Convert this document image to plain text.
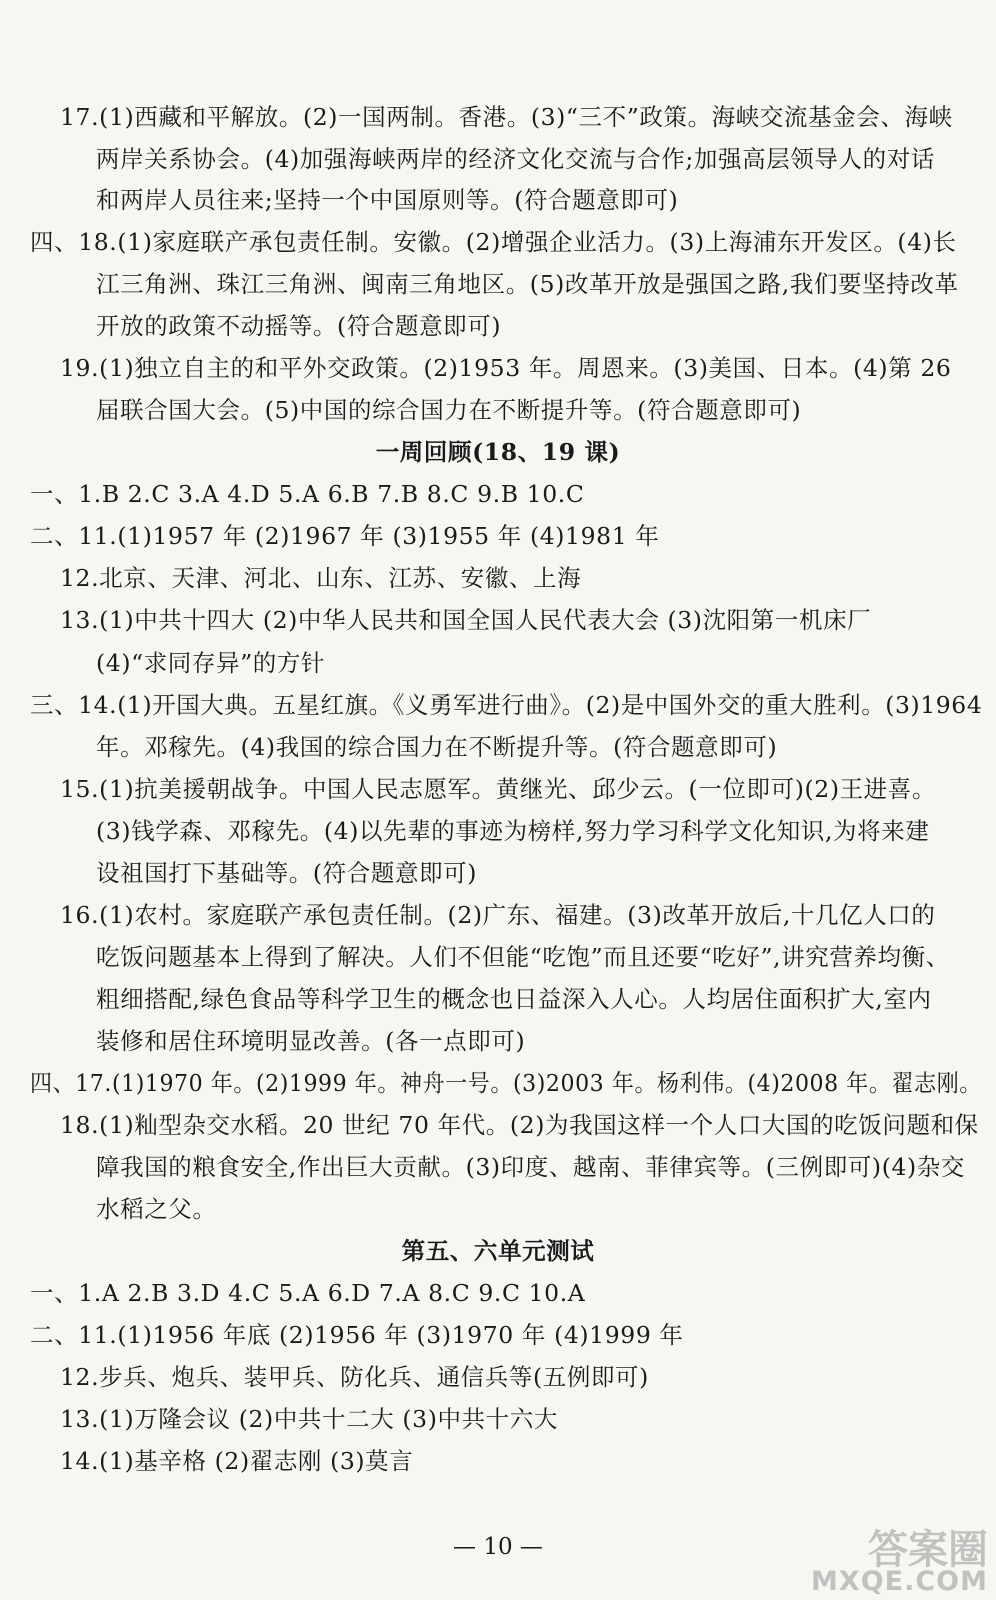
17.(1)西藏和平解放。(2)一国两制。香港。(3)“三不”政策。海峡交流基金会、海峡
两岸关系协会。(4)加强海峡两岸的经济文化交流与合作;加强高层领导人的对话
和两岸人员往来;坚持一个中国原则等。(符合题意即可)
四、18.(1)家庭联产承包责任制。安徽。(2)增强企业活力。(3)上海浦东开发区。(4)长
江三角洲、珠江三角洲、闽南三角地区。(5)改革开放是强国之路,我们要坚持改革
开放的政策不动摇等。(符合题意即可)
19.(1)独立自主的和平外交政策。(2)1953 年。周恩来。(3)美国、日本。(4)第 26
届联合国大会。(5)中国的综合国力在不断提升等。(符合题意即可)
一周回顾(18、19 课)
一、1.B 2.C 3.A 4.D 5.A 6.B 7.B 8.C 9.B 10.C
二、11.(1)1957 年 (2)1967 年 (3)1955 年 (4)1981 年
12.北京、天津、河北、山东、江苏、安徽、上海
13.(1)中共十四大 (2)中华人民共和国全国人民代表大会 (3)沈阳第一机床厂
(4)“求同存异”的方针
三、14.(1)开国大典。五星红旗。《义勇军进行曲》。(2)是中国外交的重大胜利。(3)1964
年。邓稼先。(4)我国的综合国力在不断提升等。(符合题意即可)
15.(1)抗美援朝战争。中国人民志愿军。黄继光、邱少云。(一位即可)(2)王进喜。
(3)钱学森、邓稼先。(4)以先辈的事迹为榜样,努力学习科学文化知识,为将来建
设祖国打下基础等。(符合题意即可)
16.(1)农村。家庭联产承包责任制。(2)广东、福建。(3)改革开放后,十几亿人口的
吃饭问题基本上得到了解决。人们不但能“吃饱”而且还要“吃好”,讲究营养均衡、
粗细搭配,绿色食品等科学卫生的概念也日益深入人心。人均居住面积扩大,室内
装修和居住环境明显改善。(各一点即可)
四、17.(1)1970 年。(2)1999 年。神舟一号。(3)2003 年。杨利伟。(4)2008 年。翟志刚。
18.(1)籼型杂交水稻。20 世纪 70 年代。(2)为我国这样一个人口大国的吃饭问题和保
障我国的粮食安全,作出巨大贡献。(3)印度、越南、菲律宾等。(三例即可)(4)杂交
水稻之父。
第五、六单元测试
一、1.A 2.B 3.D 4.C 5.A 6.D 7.A 8.C 9.C 10.A
二、11.(1)1956 年底 (2)1956 年 (3)1970 年 (4)1999 年
12.步兵、炮兵、装甲兵、防化兵、通信兵等(五例即可)
13.(1)万隆会议 (2)中共十二大 (3)中共十六大
14.(1)基辛格 (2)翟志刚 (3)莫言
— 10 —	答案圈
MXQE.COM
